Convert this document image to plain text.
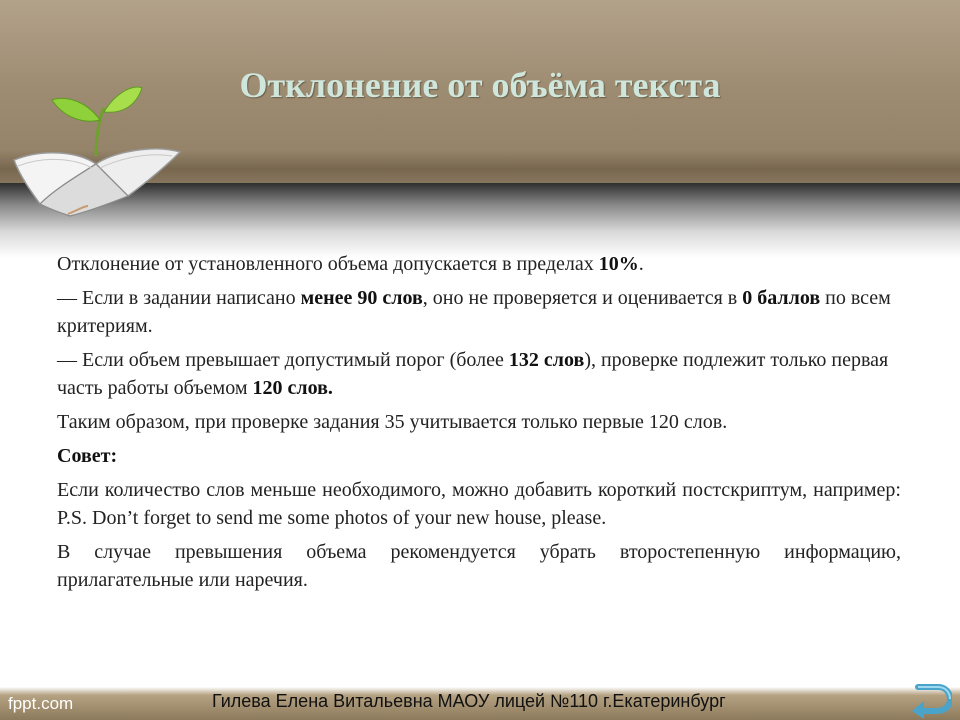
Отклонение от объёма текста

Отклонение от установленного объема допускается в пределах 10%.

— Если в задании написано менее 90 слов, оно не проверяется и оценивается в 0 баллов по всем критериям.

— Если объем превышает допустимый порог (более 132 слов), проверке подлежит только первая часть работы объемом 120 слов.

Таким образом, при проверке задания 35 учитывается только первые 120 слов.

Совет:

Если количество слов меньше необходимого, можно добавить короткий постскриптум, например: P.S. Don’t forget to send me some photos of your new house, please.

В случае превышения объема рекомендуется убрать второстепенную информацию, прилагательные или наречия.

fppt.com	Гилева Елена Витальевна МАОУ лицей №110 г.Екатеринбург
